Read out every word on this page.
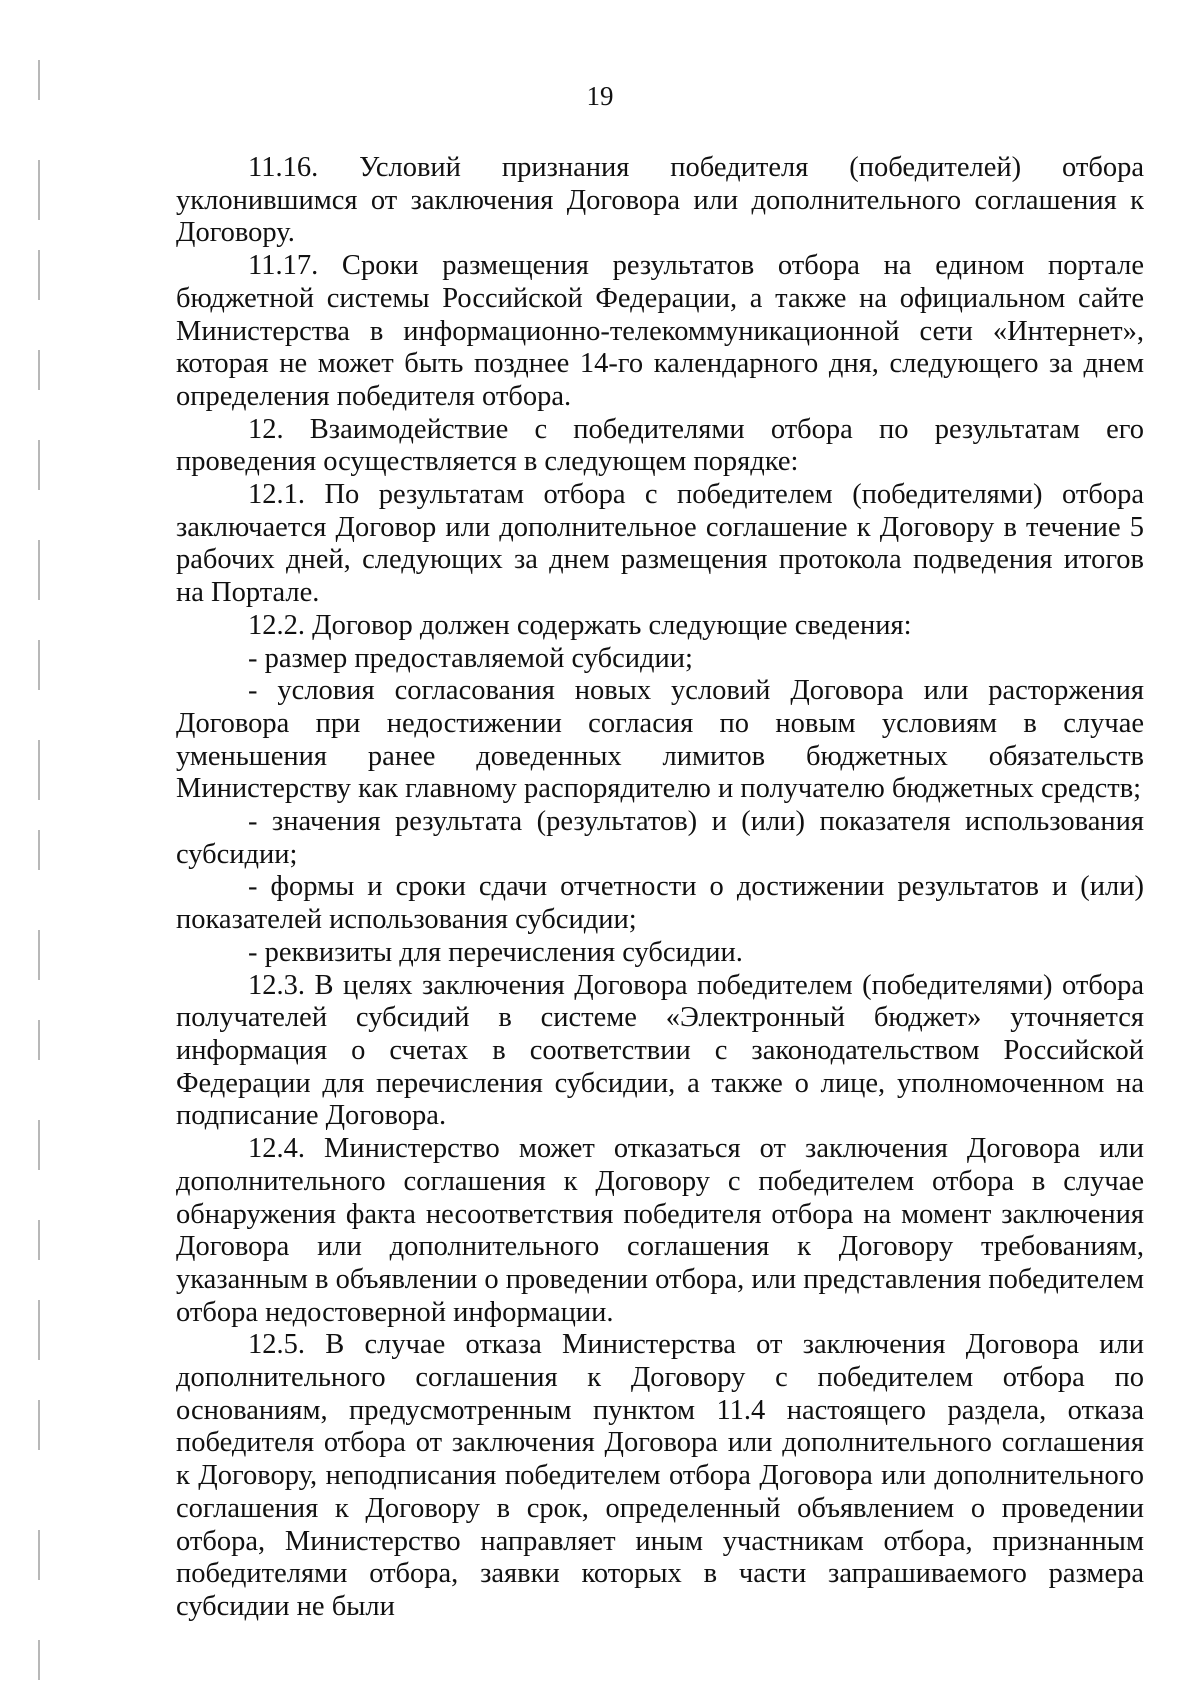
19

11.16. Условий признания победителя (победителей) отбора уклонившимся от заключения Договора или дополнительного соглашения к Договору.

11.17. Сроки размещения результатов отбора на едином портале бюджетной системы Российской Федерации, а также на официальном сайте Министерства в информационно-телекоммуникационной сети «Интернет», которая не может быть позднее 14-го календарного дня, следующего за днем определения победителя отбора.

12. Взаимодействие с победителями отбора по результатам его проведения осуществляется в следующем порядке:

12.1. По результатам отбора с победителем (победителями) отбора заключается Договор или дополнительное соглашение к Договору в течение 5 рабочих дней, следующих за днем размещения протокола подведения итогов на Портале.

12.2. Договор должен содержать следующие сведения:

- размер предоставляемой субсидии;

- условия согласования новых условий Договора или расторжения Договора при недостижении согласия по новым условиям в случае уменьшения ранее доведенных лимитов бюджетных обязательств Министерству как главному распорядителю и получателю бюджетных средств;

- значения результата (результатов) и (или) показателя использования субсидии;

- формы и сроки сдачи отчетности о достижении результатов и (или) показателей использования субсидии;

- реквизиты для перечисления субсидии.

12.3. В целях заключения Договора победителем (победителями) отбора получателей субсидий в системе «Электронный бюджет» уточняется информация о счетах в соответствии с законодательством Российской Федерации для перечисления субсидии, а также о лице, уполномоченном на подписание Договора.

12.4. Министерство может отказаться от заключения Договора или дополнительного соглашения к Договору с победителем отбора в случае обнаружения факта несоответствия победителя отбора на момент заключения Договора или дополнительного соглашения к Договору требованиям, указанным в объявлении о проведении отбора, или представления победителем отбора недостоверной информации.

12.5. В случае отказа Министерства от заключения Договора или дополнительного соглашения к Договору с победителем отбора по основаниям, предусмотренным пунктом 11.4 настоящего раздела, отказа победителя отбора от заключения Договора или дополнительного соглашения к Договору, неподписания победителем отбора Договора или дополнительного соглашения к Договору в срок, определенный объявлением о проведении отбора, Министерство направляет иным участникам отбора, признанным победителями отбора, заявки которых в части запрашиваемого размера субсидии не были
